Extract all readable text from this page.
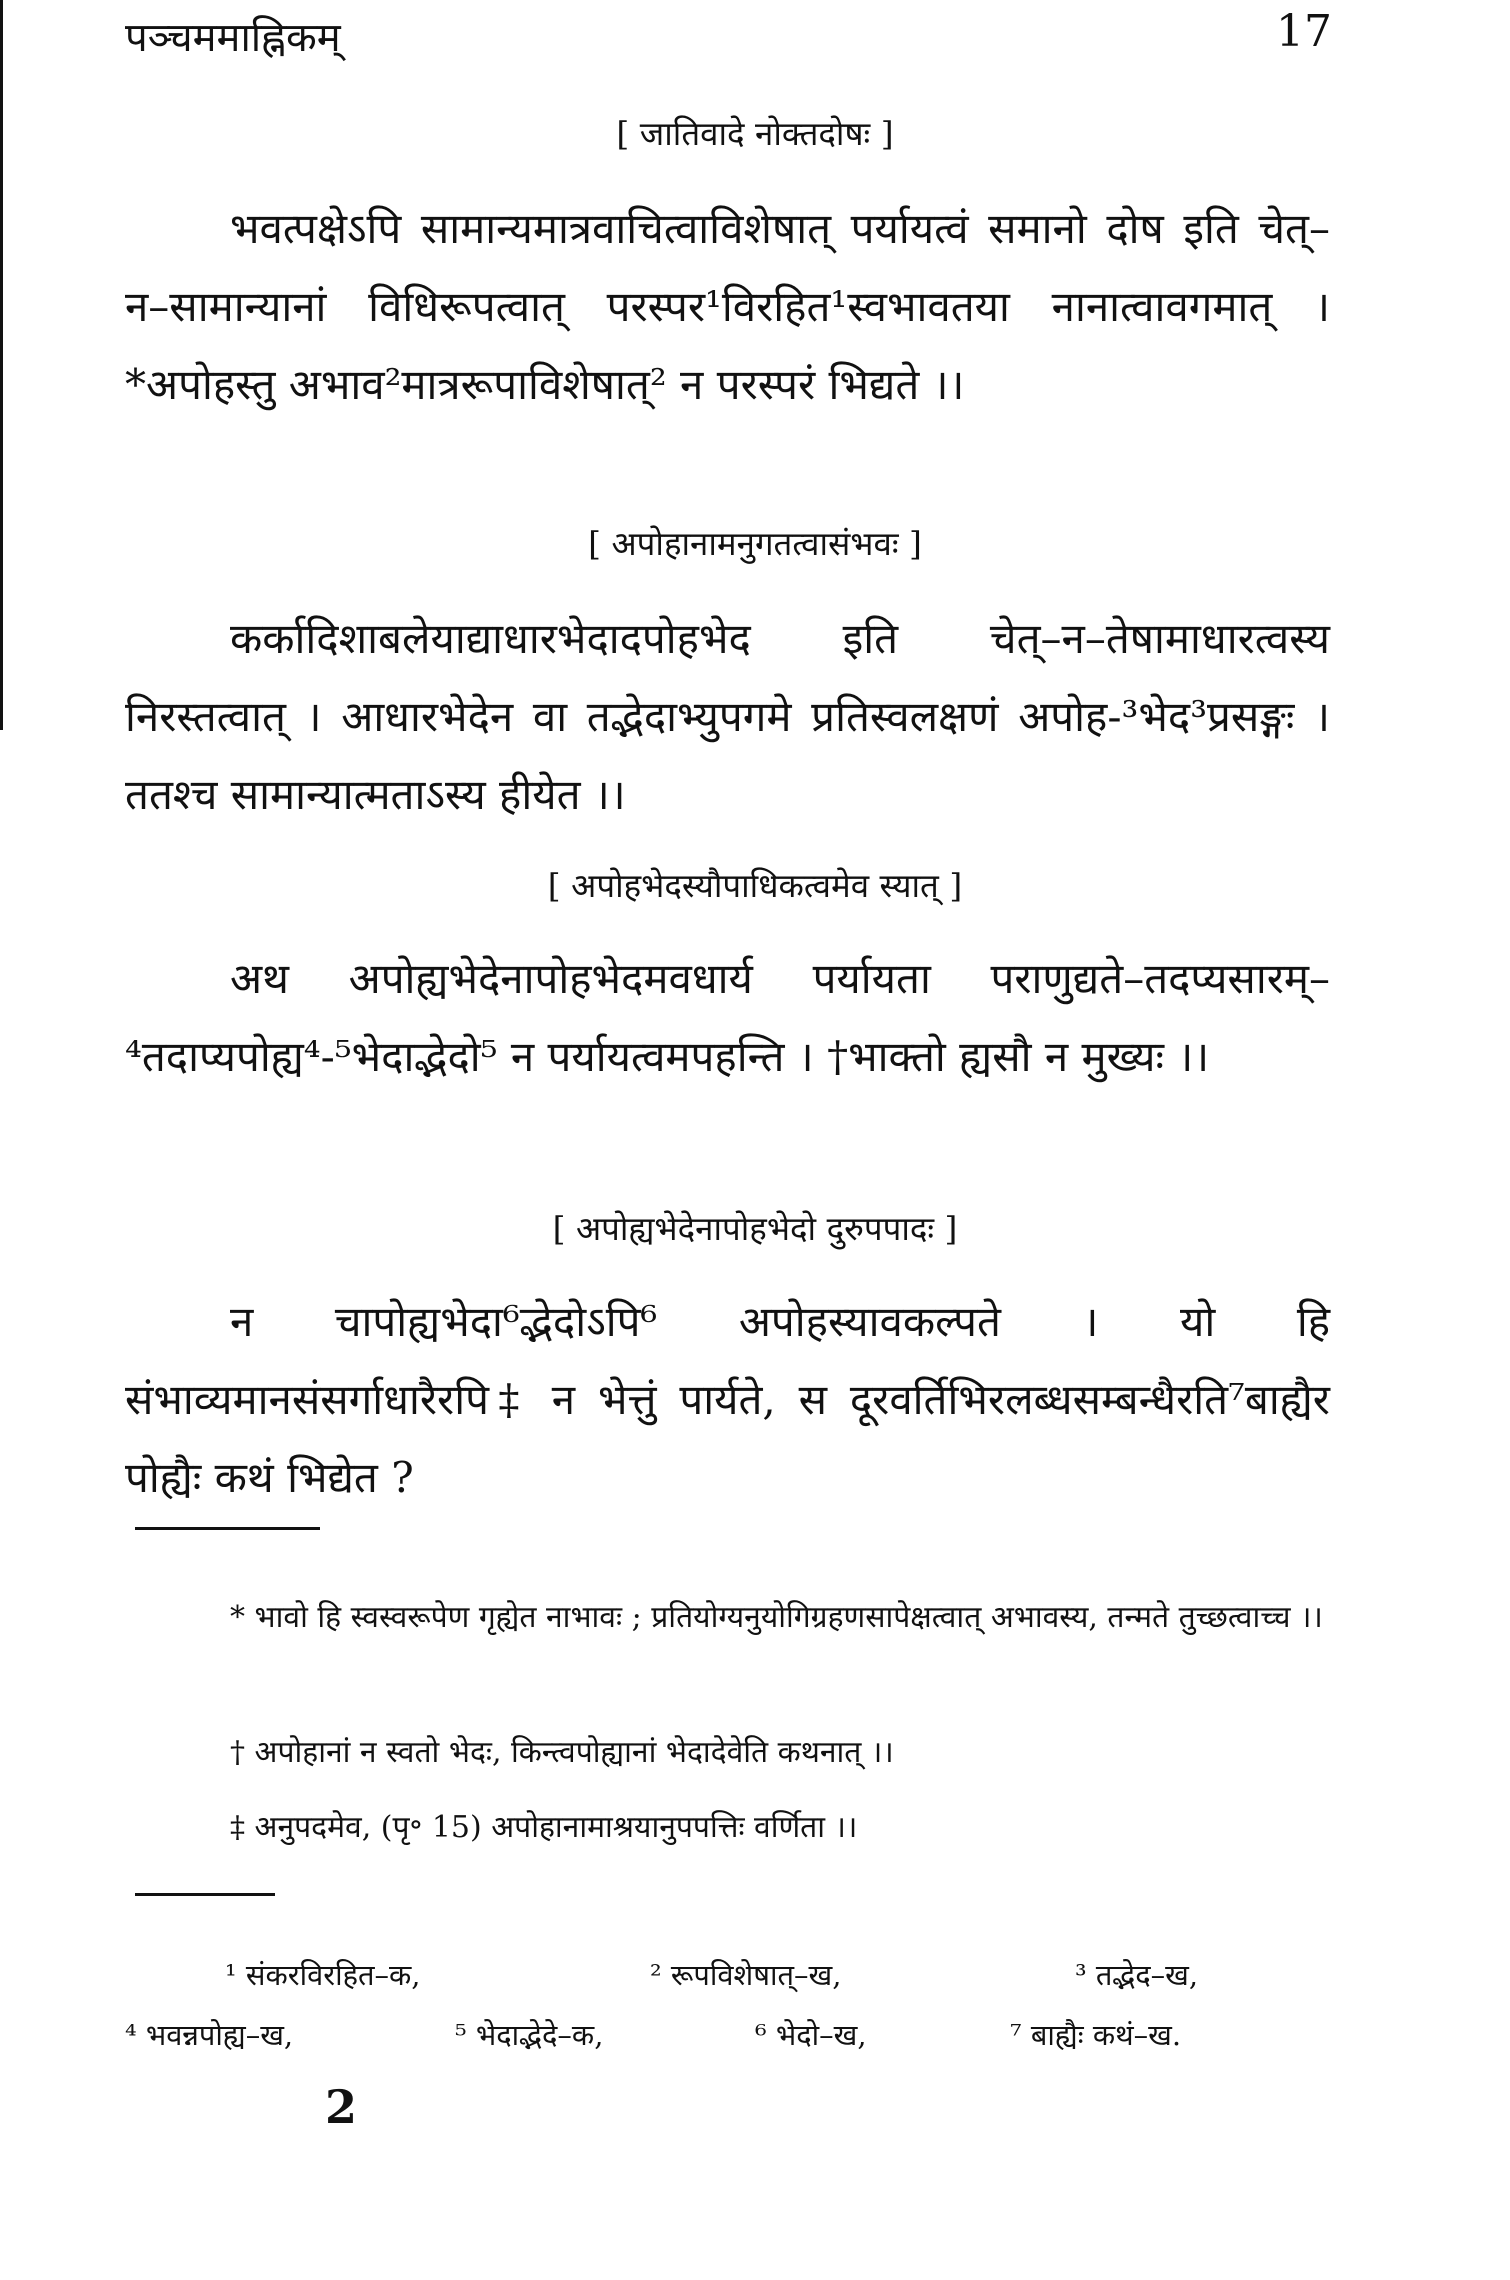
पञ्चममाह्निकम्	17
[ जातिवादे नोक्तदोषः ]

भवत्पक्षेऽपि सामान्यमात्रवाचित्वाविशेषात् पर्यायत्वं समानो दोष इति चेत्–न–सामान्यानां विधिरूपत्वात् परस्पर¹विरहित¹स्वभावतया नानात्वावगमात् । *अपोहस्तु अभाव²मात्ररूपाविशेषात्² न परस्परं भिद्यते ।।

[ अपोहानामनुगतत्वासंभवः ]

कर्कादिशाबलेयाद्याधारभेदादपोहभेद इति चेत्–न–तेषामाधारत्वस्य निरस्तत्वात् । आधारभेदेन वा तद्भेदाभ्युपगमे प्रतिस्वलक्षणं अपोह-³भेद³प्रसङ्गः । ततश्च सामान्यात्मताऽस्य हीयेत ।।

[ अपोहभेदस्यौपाधिकत्वमेव स्यात् ]

अथ अपोह्यभेदेनापोहभेदमवधार्य पर्यायता पराणुद्यते–तदप्यसारम्–⁴तदाप्यपोह्य⁴-⁵भेदाद्भेदो⁵ न पर्यायत्वमपहन्ति । †भाक्तो ह्यसौ न मुख्यः ।।

[ अपोह्यभेदेनापोहभेदो दुरुपपादः ]

न चापोह्यभेदा⁶द्भेदोऽपि⁶ अपोहस्यावकल्पते । यो हि संभाव्यमानसंसर्गाधारैरपि‡ न भेत्तुं पार्यते, स दूरवर्तिभिरलब्धसम्बन्धैरति⁷बाह्यैर पोह्यैः कथं भिद्येत ?

* भावो हि स्वस्वरूपेण गृह्येत नाभावः ; प्रतियोग्यनुयोगिग्रहणसापेक्षत्वात् अभावस्य, तन्मते तुच्छत्वाच्च ।।

† अपोहानां न स्वतो भेदः, किन्त्वपोह्यानां भेदादेवेति कथनात् ।।

‡ अनुपदमेव, (पृ॰ 15) अपोहानामाश्रयानुपपत्तिः वर्णिता ।।

¹ संकरविरहित–क,	² रूपविशेषात्–ख,	³ तद्भेद–ख,
⁴ भवन्नपोह्य–ख,	⁵ भेदाद्भेदे–क,	⁶ भेदो–ख,	⁷ बाह्यैः कथं–ख.
2
